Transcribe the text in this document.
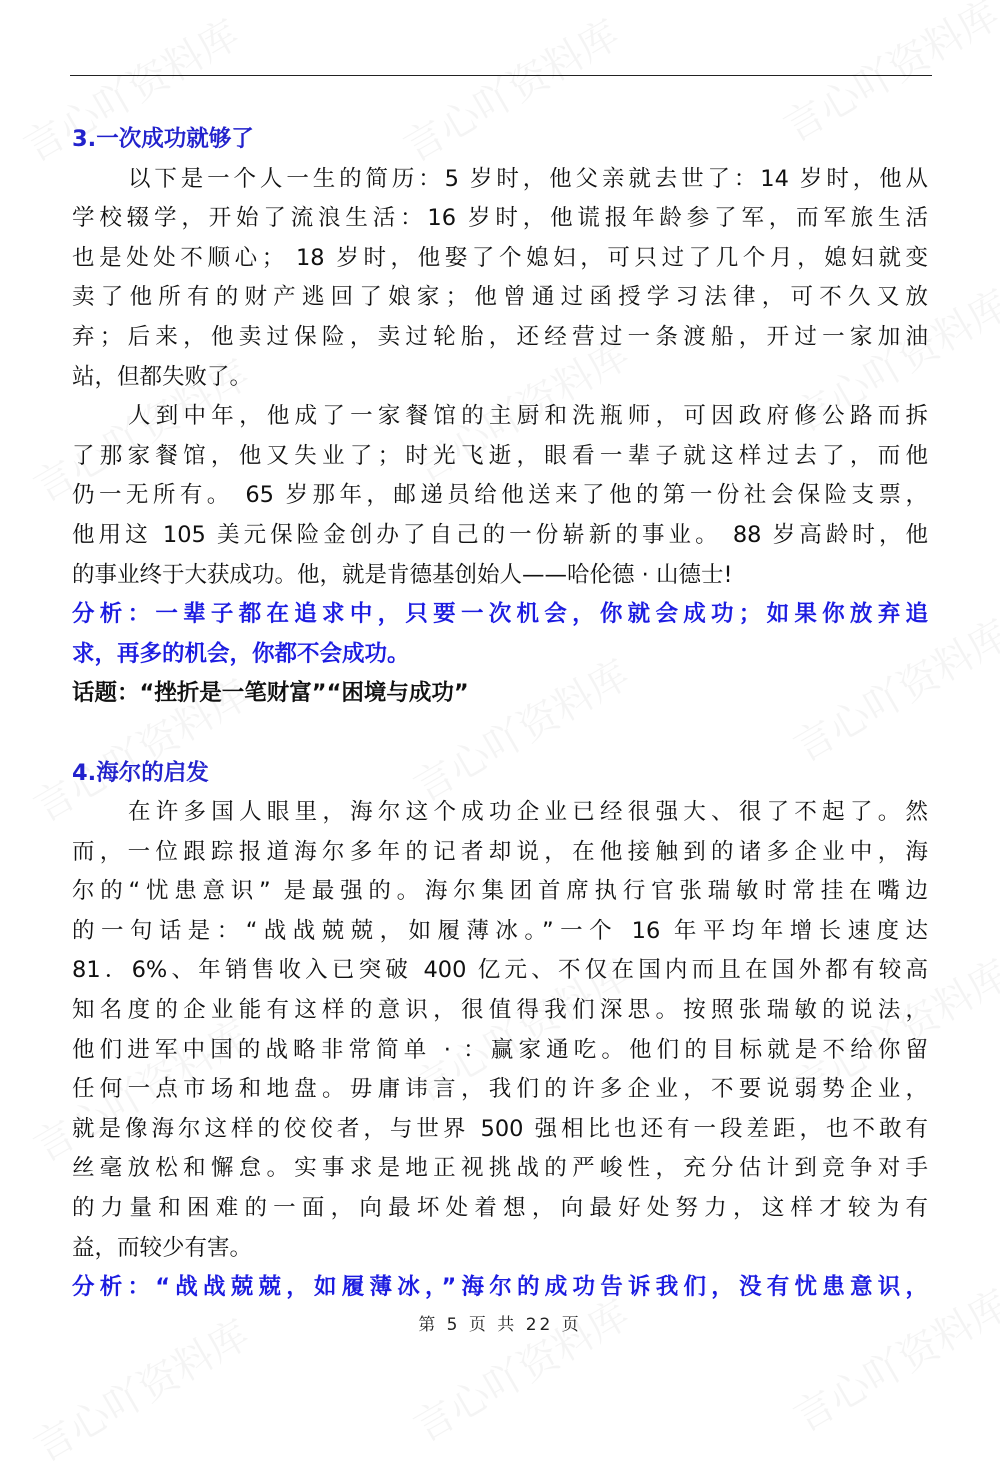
3.一次成功就够了
以下是一个人一生的简历：5 岁时，他父亲就去世了：14 岁时，他从
学校辍学，开始了流浪生活：16 岁时，他谎报年龄参了军，而军旅生活
也是处处不顺心； 18 岁时，他娶了个媳妇，可只过了几个月，媳妇就变
卖了他所有的财产逃回了娘家；他曾通过函授学习法律，可不久又放
弃；后来，他卖过保险，卖过轮胎，还经营过一条渡船，开过一家加油
站，但都失败了。
人到中年，他成了一家餐馆的主厨和洗瓶师，可因政府修公路而拆
了那家餐馆，他又失业了；时光飞逝，眼看一辈子就这样过去了，而他
仍一无所有。 65 岁那年，邮递员给他送来了他的第一份社会保险支票，
他用这 105 美元保险金创办了自己的一份崭新的事业。 88 岁高龄时，他
的事业终于大获成功。他，就是肯德基创始人——哈伦德 · 山德士!
分析：一辈子都在追求中，只要一次机会，你就会成功；如果你放弃追
求，再多的机会，你都不会成功。
话题：“挫折是一笔财富”“困境与成功”
4.海尔的启发
在许多国人眼里，海尔这个成功企业已经很强大、很了不起了。然
而，一位跟踪报道海尔多年的记者却说，在他接触到的诸多企业中，海
尔的“忧患意识” 是最强的。海尔集团首席执行官张瑞敏时常挂在嘴边
的一句话是：“战战兢兢，如履薄冰。”一个 16 年平均年增长速度达
81．6%、年销售收入已突破 400 亿元、不仅在国内而且在国外都有较高
知名度的企业能有这样的意识，很值得我们深思。按照张瑞敏的说法，
他们进军中国的战略非常简单 · ：赢家通吃。他们的目标就是不给你留
任何一点市场和地盘。毋庸讳言，我们的许多企业，不要说弱势企业，
就是像海尔这样的佼佼者，与世界 500 强相比也还有一段差距，也不敢有
丝毫放松和懈怠。实事求是地正视挑战的严峻性，充分估计到竞争对手
的力量和困难的一面，向最坏处着想，向最好处努力，这样才较为有
益，而较少有害。
分析：“战战兢兢，如履薄冰，”海尔的成功告诉我们，没有忧患意识，
第 5 页 共 22 页
